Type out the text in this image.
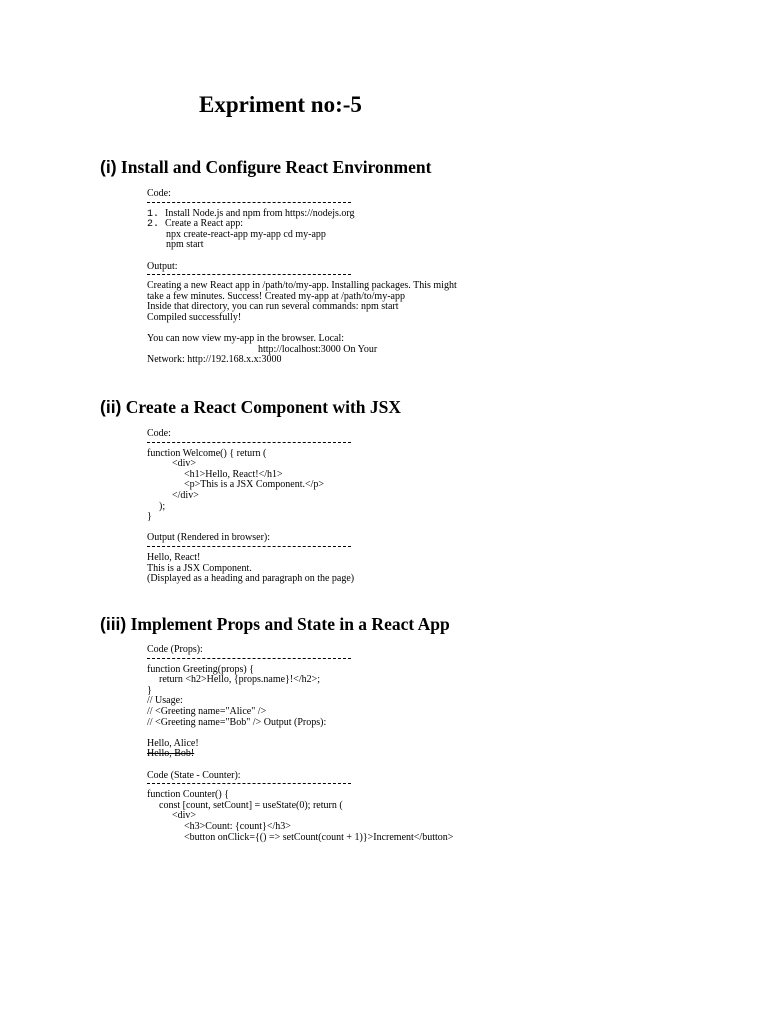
Expriment no:-5
(i) Install and Configure React Environment
Code:
1. Install Node.js and npm from https://nodejs.org
2. Create a React app:
npx create-react-app my-app cd my-app
npm start
Output:
Creating a new React app in /path/to/my-app. Installing packages. This might
take a few minutes. Success! Created my-app at /path/to/my-app
Inside that directory, you can run several commands: npm start
Compiled successfully!
You can now view my-app in the browser. Local:
http://localhost:3000 On Your
Network: http://192.168.x.x:3000
(ii) Create a React Component with JSX
Code:
function Welcome() { return (
<div>
<h1>Hello, React!</h1>
<p>This is a JSX Component.</p>
</div>
);
}
Output (Rendered in browser):
Hello, React!
This is a JSX Component.
(Displayed as a heading and paragraph on the page)
(iii) Implement Props and State in a React App
Code (Props):
function Greeting(props) {
return <h2>Hello, {props.name}!</h2>;
}
// Usage:
// <Greeting name="Alice" />
// <Greeting name="Bob" /> Output (Props):
Hello, Alice!
Hello, Bob!
Code (State - Counter):
function Counter() {
const [count, setCount] = useState(0); return (
<div>
<h3>Count: {count}</h3>
<button onClick={() => setCount(count + 1)}>Increment</button>
